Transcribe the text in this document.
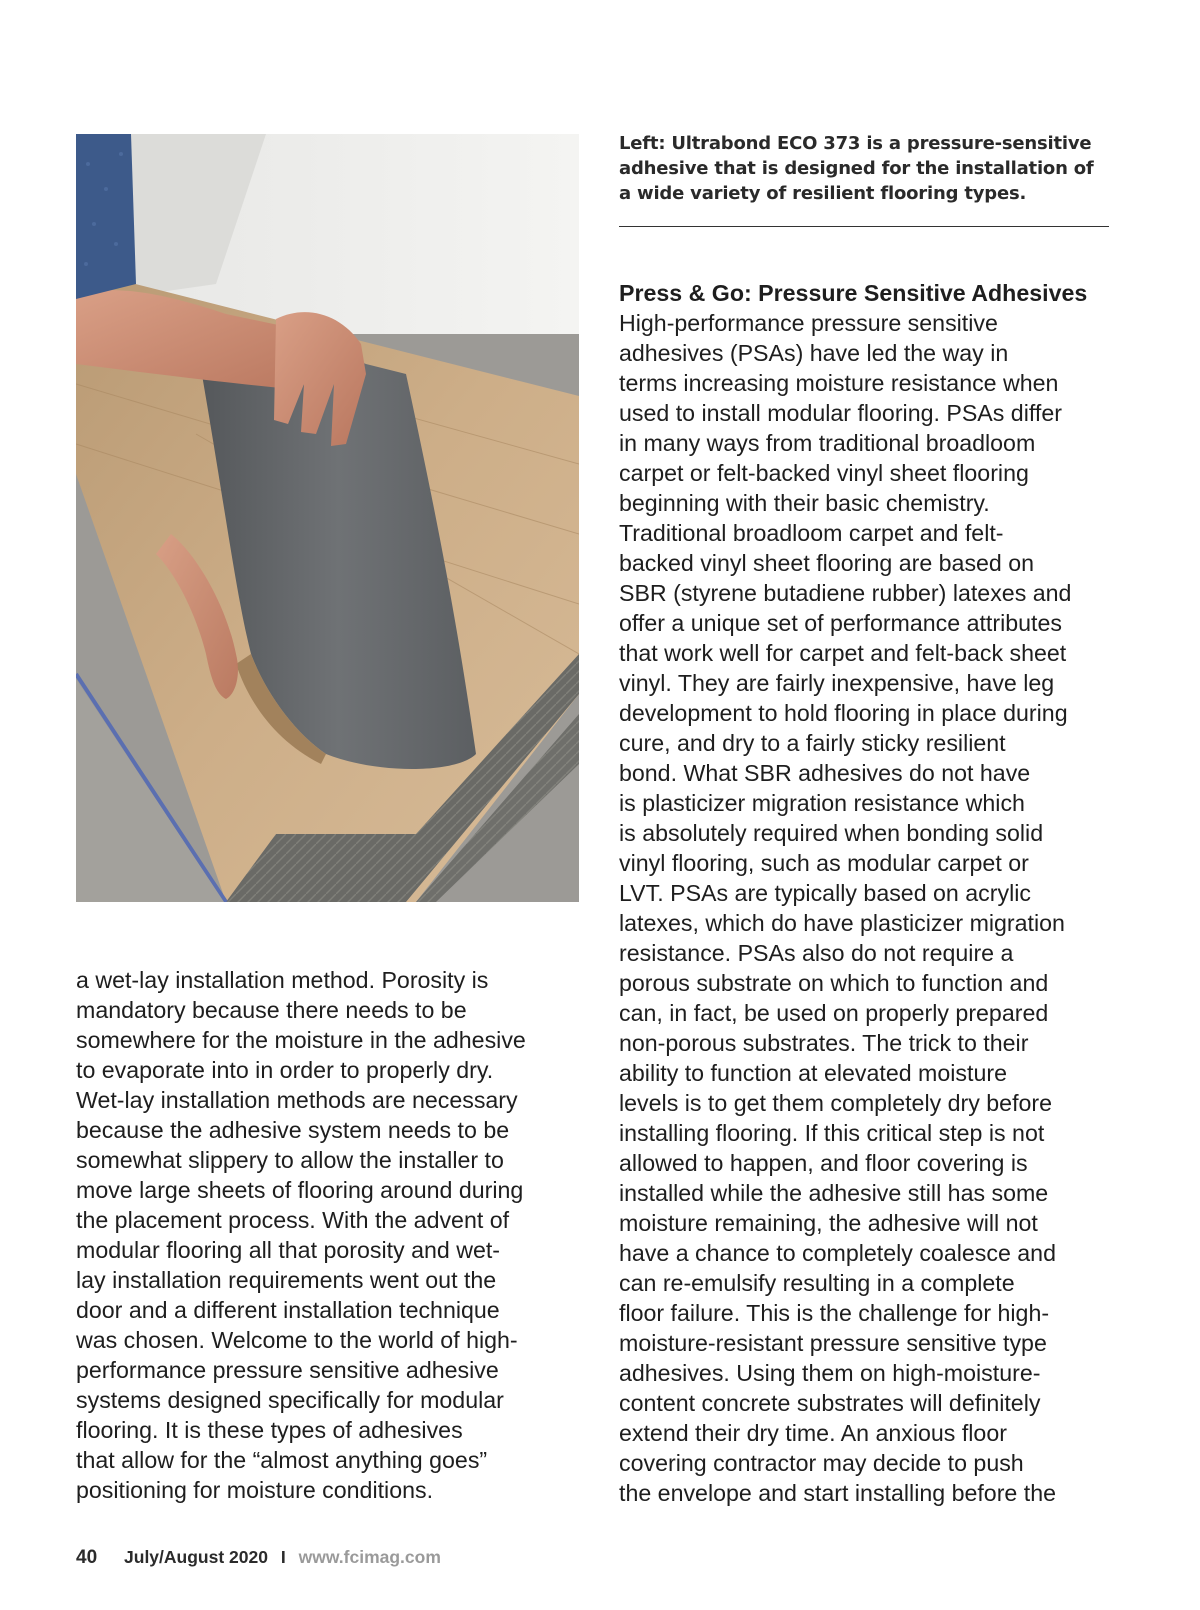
Left: Ultrabond ECO 373 is a pressure-sensitive
adhesive that is designed for the installation of
a wide variety of resilient flooring types.

a wet-lay installation method. Porosity is
mandatory because there needs to be
somewhere for the moisture in the adhesive
to evaporate into in order to properly dry.
Wet-lay installation methods are necessary
because the adhesive system needs to be
somewhat slippery to allow the installer to
move large sheets of flooring around during
the placement process. With the advent of
modular flooring all that porosity and wet-
lay installation requirements went out the
door and a different installation technique
was chosen. Welcome to the world of high-
performance pressure sensitive adhesive
systems designed specifically for modular
flooring. It is these types of adhesives
that allow for the “almost anything goes”
positioning for moisture conditions.

Press & Go: Pressure Sensitive Adhesives

High-performance pressure sensitive
adhesives (PSAs) have led the way in
terms increasing moisture resistance when
used to install modular flooring. PSAs differ
in many ways from traditional broadloom
carpet or felt-backed vinyl sheet flooring
beginning with their basic chemistry.
Traditional broadloom carpet and felt-
backed vinyl sheet flooring are based on
SBR (styrene butadiene rubber) latexes and
offer a unique set of performance attributes
that work well for carpet and felt-back sheet
vinyl. They are fairly inexpensive, have leg
development to hold flooring in place during
cure, and dry to a fairly sticky resilient
bond. What SBR adhesives do not have
is plasticizer migration resistance which
is absolutely required when bonding solid
vinyl flooring, such as modular carpet or
LVT. PSAs are typically based on acrylic
latexes, which do have plasticizer migration
resistance. PSAs also do not require a
porous substrate on which to function and
can, in fact, be used on properly prepared
non-porous substrates. The trick to their
ability to function at elevated moisture
levels is to get them completely dry before
installing flooring. If this critical step is not
allowed to happen, and floor covering is
installed while the adhesive still has some
moisture remaining, the adhesive will not
have a chance to completely coalesce and
can re-emulsify resulting in a complete
floor failure. This is the challenge for high-
moisture-resistant pressure sensitive type
adhesives. Using them on high-moisture-
content concrete substrates will definitely
extend their dry time. An anxious floor
covering contractor may decide to push
the envelope and start installing before the

40 July/August 2020 I www.fcimag.com
